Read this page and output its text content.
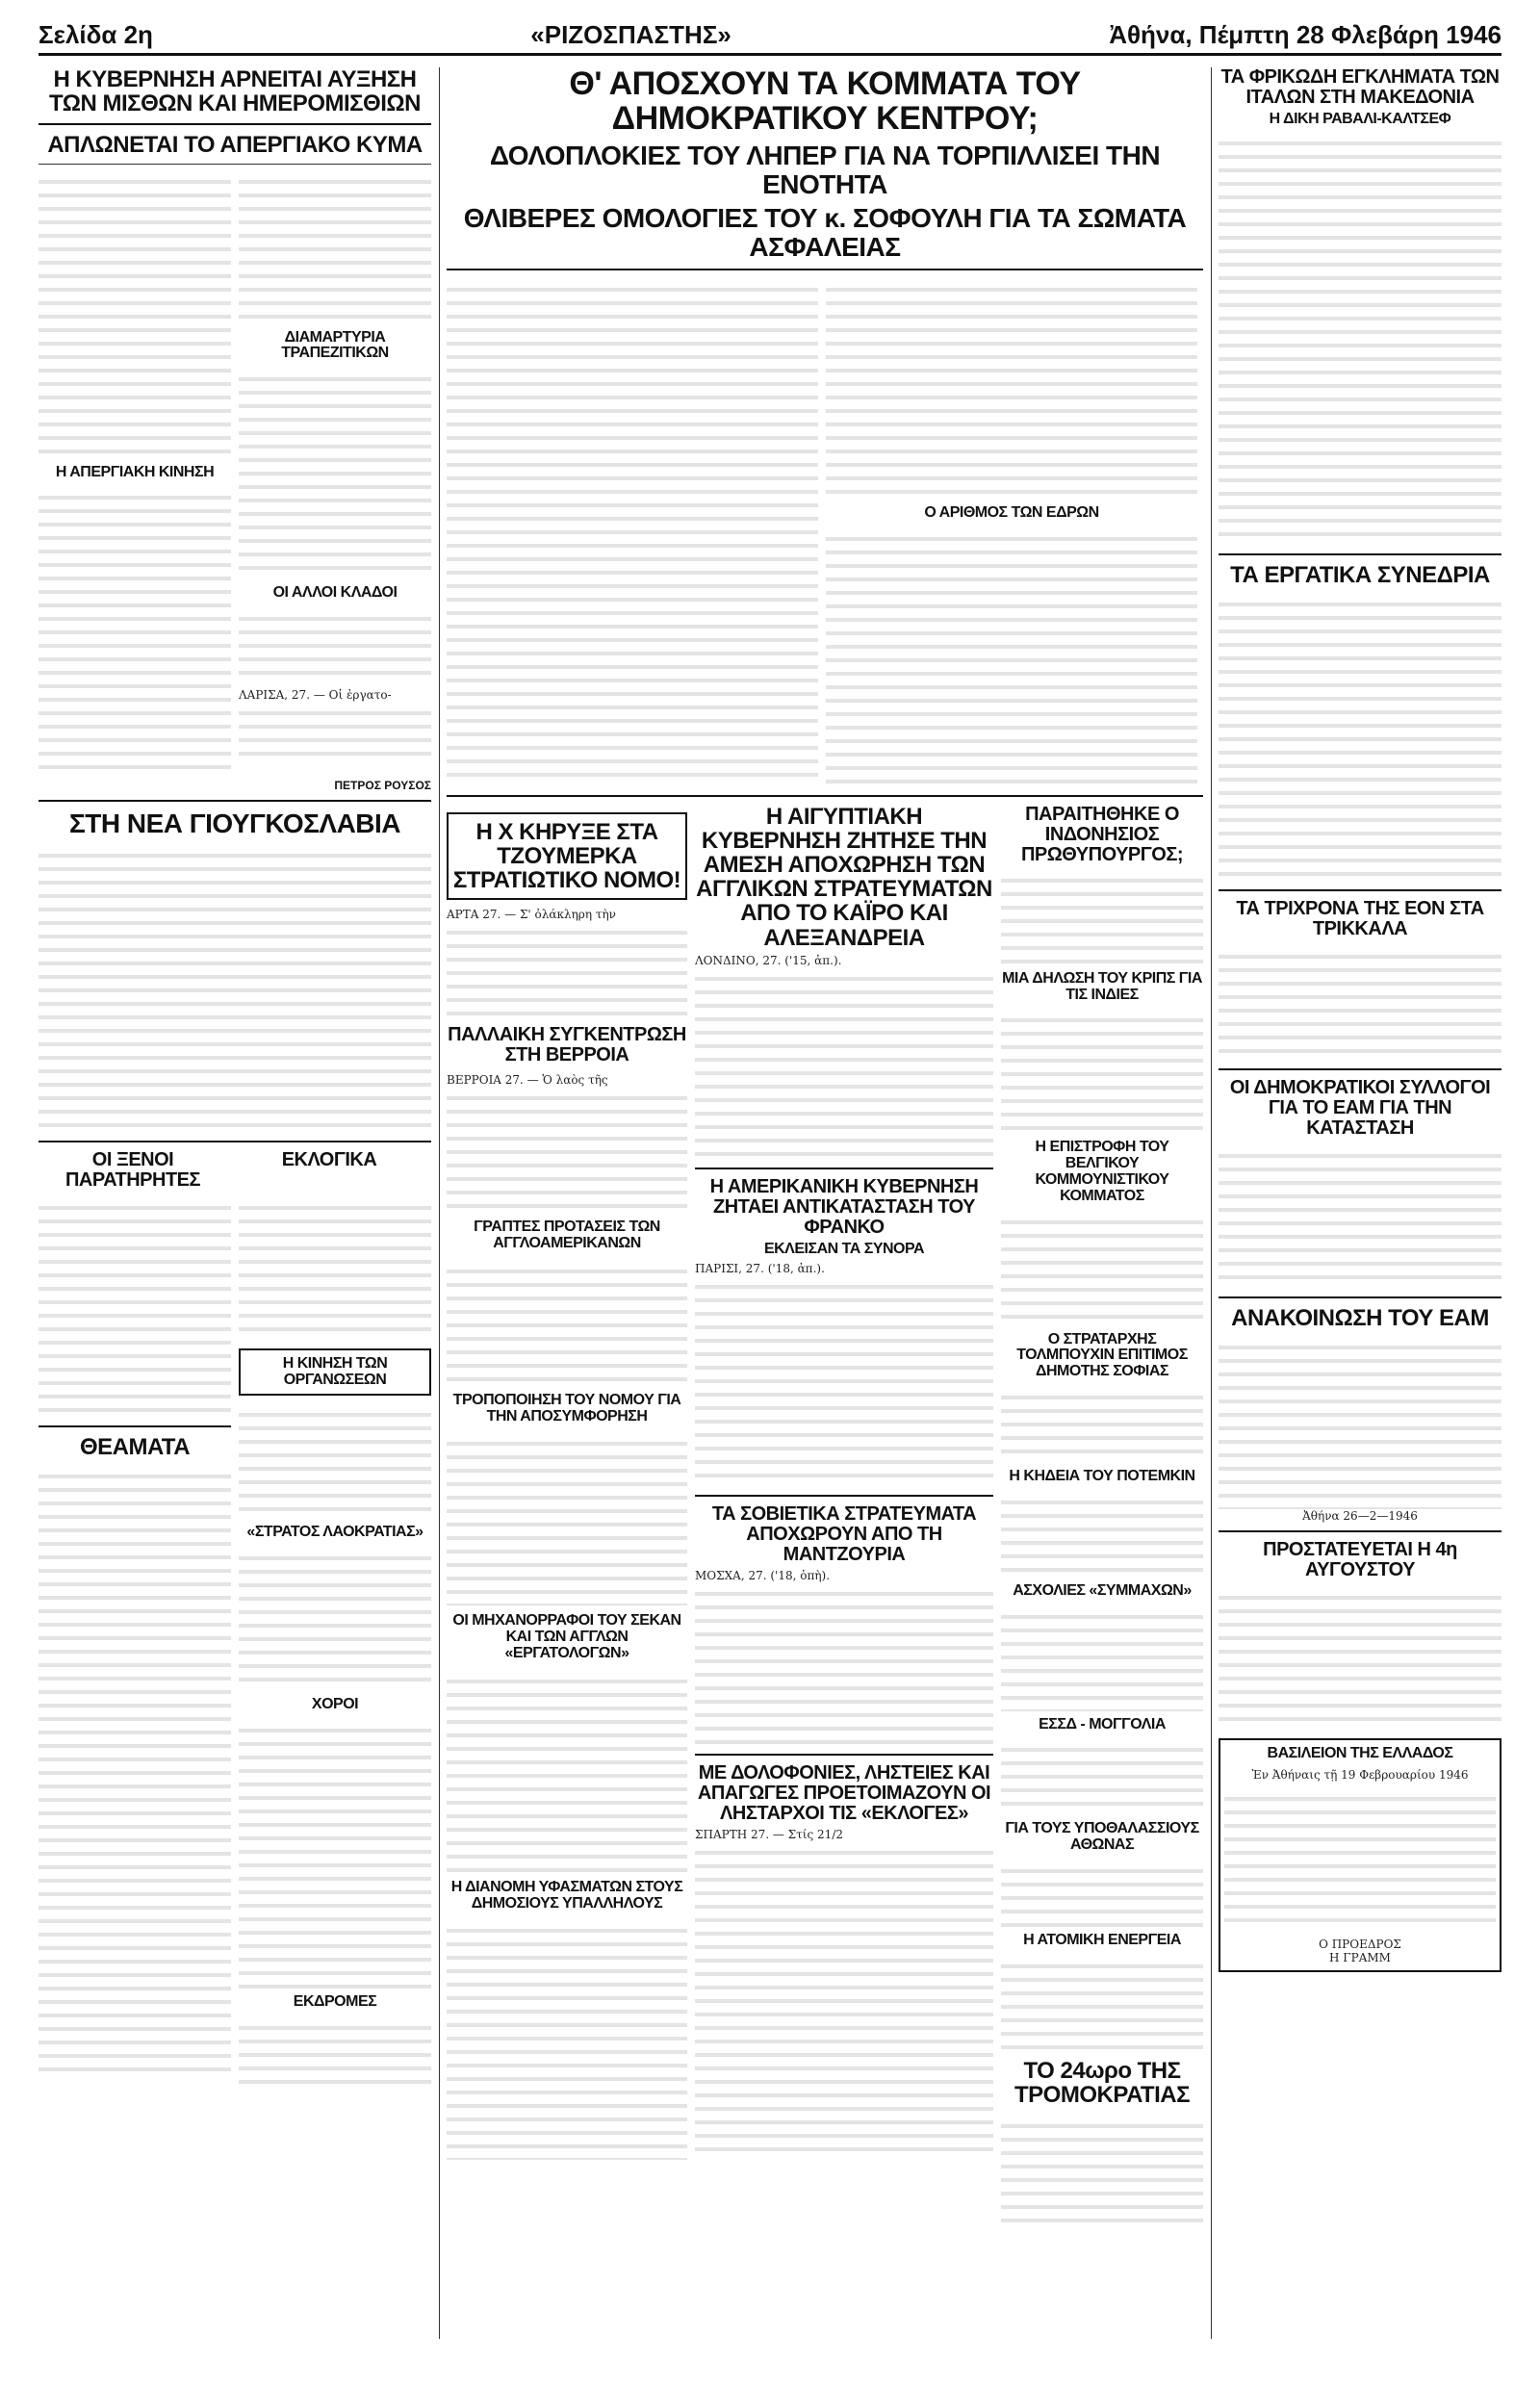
Σελίδα 2η	«ΡΙΖΟΣΠΑΣΤΗΣ»	Ἀθήνα, Πέμπτη 28 Φλεβάρη 1946
Η ΚΥΒΕΡΝΗΣΗ ΑΡΝΕΙΤΑΙ ΑΥΞΗΣΗ ΤΩΝ ΜΙΣΘΩΝ ΚΑΙ ΗΜΕΡΟΜΙΣΘΙΩΝ
ΑΠΛΩΝΕΤΑΙ ΤΟ ΑΠΕΡΓΙΑΚΟ ΚΥΜΑ
Η ΑΠΕΡΓΙΑΚΗ ΚΙΝΗΣΗ
ΔΙΑΜΑΡΤΥΡΙΑ ΤΡΑΠΕΖΙΤΙΚΩΝ
ΟΙ ΑΛΛΟΙ ΚΛΑΔΟΙ
ΛΑΡΙΣΑ, 27. — Οἱ ἐργατο-
ΠΕΤΡΟΣ ΡΟΥΣΟΣ
ΣΤΗ ΝΕΑ ΓΙΟΥΓΚΟΣΛΑΒΙΑ
ΟΙ ΞΕΝΟΙ ΠΑΡΑΤΗΡΗΤΕΣ
ΕΚΛΟΓΙΚΑ
ΘΕΑΜΑΤΑ
Η ΚΙΝΗΣΗ ΤΩΝ ΟΡΓΑΝΩΣΕΩΝ
«ΣΤΡΑΤΟΣ ΛΑΟΚΡΑΤΙΑΣ»
ΧΟΡΟΙ
ΕΚΔΡΟΜΕΣ
Θ' ΑΠΟΣΧΟΥΝ ΤΑ ΚΟΜΜΑΤΑ ΤΟΥ ΔΗΜΟΚΡΑΤΙΚΟΥ ΚΕΝΤΡΟΥ;
ΔΟΛΟΠΛΟΚΙΕΣ ΤΟΥ ΛΗΠΕΡ ΓΙΑ ΝΑ ΤΟΡΠΙΛΛΙΣΕΙ ΤΗΝ ΕΝΟΤΗΤΑ
ΘΛΙΒΕΡΕΣ ΟΜΟΛΟΓΙΕΣ ΤΟΥ κ. ΣΟΦΟΥΛΗ ΓΙΑ ΤΑ ΣΩΜΑΤΑ ΑΣΦΑΛΕΙΑΣ
Ο ΑΡΙΘΜΟΣ ΤΩΝ ΕΔΡΩΝ
Η Χ ΚΗΡΥΞΕ ΣΤΑ ΤΖΟΥΜΕΡΚΑ ΣΤΡΑΤΙΩΤΙΚΟ ΝΟΜΟ!
ΑΡΤΑ 27. — Σ' ὀλάκληρη τὴν
ΠΑΛΛΑΙΚΗ ΣΥΓΚΕΝΤΡΩΣΗ ΣΤΗ ΒΕΡΡΟΙΑ
ΒΕΡΡΟΙΑ 27. — Ὁ λαὸς τῆς
ΓΡΑΠΤΕΣ ΠΡΟΤΑΣΕΙΣ ΤΩΝ ΑΓΓΛΟΑΜΕΡΙΚΑΝΩΝ
ΤΡΟΠΟΠΟΙΗΣΗ ΤΟΥ ΝΟΜΟΥ ΓΙΑ ΤΗΝ ΑΠΟΣΥΜΦΟΡΗΣΗ
ΟΙ ΜΗΧΑΝΟΡΡΑΦΟΙ ΤΟΥ ΣΕΚΑΝ ΚΑΙ ΤΩΝ ΑΓΓΛΩΝ «ΕΡΓΑΤΟΛΟΓΩΝ»
Η ΔΙΑΝΟΜΗ ΥΦΑΣΜΑΤΩΝ ΣΤΟΥΣ ΔΗΜΟΣΙΟΥΣ ΥΠΑΛΛΗΛΟΥΣ
Η ΑΙΓΥΠΤΙΑΚΗ ΚΥΒΕΡΝΗΣΗ ΖΗΤΗΣΕ ΤΗΝ ΑΜΕΣΗ ΑΠΟΧΩΡΗΣΗ ΤΩΝ ΑΓΓΛΙΚΩΝ ΣΤΡΑΤΕΥΜΑΤΩΝ ΑΠΟ ΤΟ ΚΑΪΡΟ ΚΑΙ ΑΛΕΞΑΝΔΡΕΙΑ
ΛΟΝΔΙΝΟ, 27. ('15, ἀπ.).
Η ΑΜΕΡΙΚΑΝΙΚΗ ΚΥΒΕΡΝΗΣΗ ΖΗΤΑΕΙ ΑΝΤΙΚΑΤΑΣΤΑΣΗ ΤΟΥ ΦΡΑΝΚΟ
ΕΚΛΕΙΣΑΝ ΤΑ ΣΥΝΟΡΑ
ΠΑΡΙΣΙ, 27. ('18, ἀπ.).
ΤΑ ΣΟΒΙΕΤΙΚΑ ΣΤΡΑΤΕΥΜΑΤΑ ΑΠΟΧΩΡΟΥΝ ΑΠΟ ΤΗ ΜΑΝΤΖΟΥΡΙΑ
ΜΟΣΧΑ, 27. ('18, ὁπὴ).
ΜΕ ΔΟΛΟΦΟΝΙΕΣ, ΛΗΣΤΕΙΕΣ ΚΑΙ ΑΠΑΓΩΓΕΣ ΠΡΟΕΤΟΙΜΑΖΟΥΝ ΟΙ ΛΗΣΤΑΡΧΟΙ ΤΙΣ «ΕΚΛΟΓΕΣ»
ΣΠΑΡΤΗ 27. — Στίς 21/2
ΠΑΡΑΙΤΗΘΗΚΕ Ο ΙΝΔΟΝΗΣΙΟΣ ΠΡΩΘΥΠΟΥΡΓΟΣ;
ΜΙΑ ΔΗΛΩΣΗ ΤΟΥ ΚΡΙΠΣ ΓΙΑ ΤΙΣ ΙΝΔΙΕΣ
Η ΕΠΙΣΤΡΟΦΗ ΤΟΥ ΒΕΛΓΙΚΟΥ ΚΟΜΜΟΥΝΙΣΤΙΚΟΥ ΚΟΜΜΑΤΟΣ
Ο ΣΤΡΑΤΑΡΧΗΣ ΤΟΛΜΠΟΥΧΙΝ ΕΠΙΤΙΜΟΣ ΔΗΜΟΤΗΣ ΣΟΦΙΑΣ
Η ΚΗΔΕΙΑ ΤΟΥ ΠΟΤΕΜΚΙΝ
ΑΣΧΟΛΙΕΣ «ΣΥΜΜΑΧΩΝ»
ΕΣΣΔ - ΜΟΓΓΟΛΙΑ
ΓΙΑ ΤΟΥΣ ΥΠΟΘΑΛΑΣΣΙΟΥΣ ΑΘΩΝΑΣ
Η ΑΤΟΜΙΚΗ ΕΝΕΡΓΕΙΑ
ΤΟ 24ωρο ΤΗΣ ΤΡΟΜΟΚΡΑΤΙΑΣ
ΤΑ ΦΡΙΚΩΔΗ ΕΓΚΛΗΜΑΤΑ ΤΩΝ ΙΤΑΛΩΝ ΣΤΗ ΜΑΚΕΔΟΝΙΑ
Η ΔΙΚΗ ΡΑΒΑΛΙ-ΚΑΛΤΣΕΦ
ΤΑ ΕΡΓΑΤΙΚΑ ΣΥΝΕΔΡΙΑ
ΤΑ ΤΡΙΧΡΟΝΑ ΤΗΣ ΕΟΝ ΣΤΑ ΤΡΙΚΚΑΛΑ
ΟΙ ΔΗΜΟΚΡΑΤΙΚΟΙ ΣΥΛΛΟΓΟΙ ΓΙΑ ΤΟ ΕΑΜ ΓΙΑ ΤΗΝ ΚΑΤΑΣΤΑΣΗ
ΑΝΑΚΟΙΝΩΣΗ ΤΟΥ ΕΑΜ
Ἀθήνα 26—2—1946
ΠΡΟΣΤΑΤΕΥΕΤΑΙ Η 4η ΑΥΓΟΥΣΤΟΥ
ΒΑΣΙΛΕΙΟΝ ΤΗΣ ΕΛΛΑΔΟΣ
Ἐν Ἀθήναις τῇ 19 Φεβρουαρίου 1946
Ο ΠΡΟΕΔΡΟΣ
Η ΓΡΑΜΜ
